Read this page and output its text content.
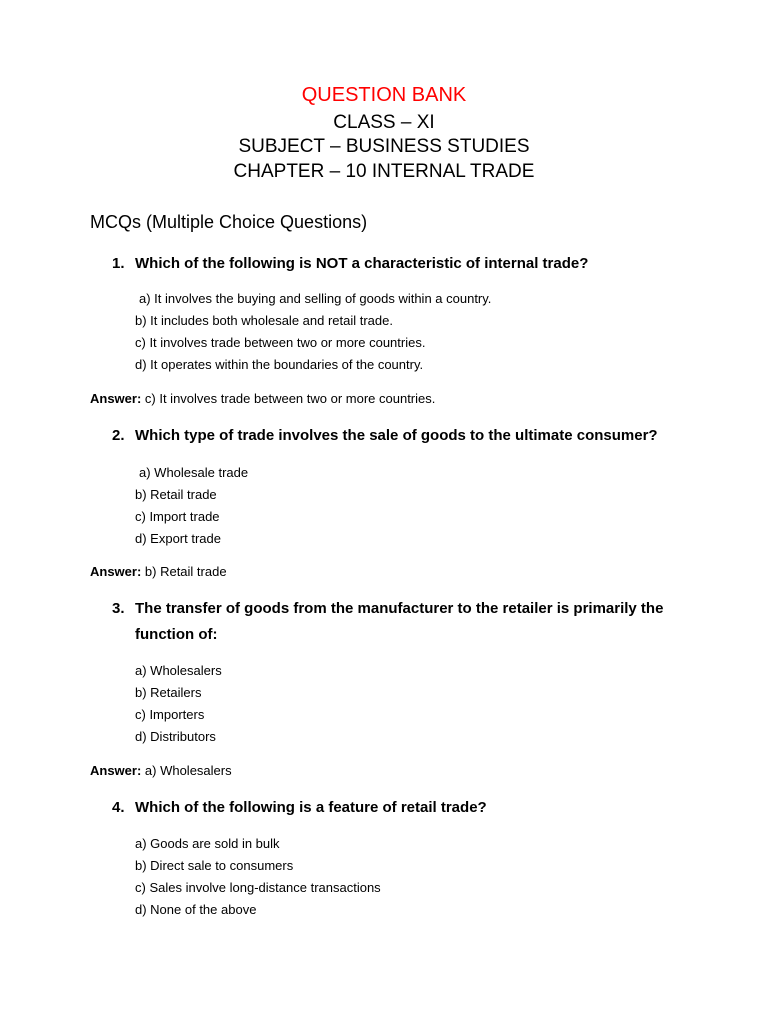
QUESTION BANK
CLASS – XI
SUBJECT – BUSINESS STUDIES
CHAPTER – 10 INTERNAL TRADE
MCQs (Multiple Choice Questions)
1. Which of the following is NOT a characteristic of internal trade?
a) It involves the buying and selling of goods within a country.
b) It includes both wholesale and retail trade.
c) It involves trade between two or more countries.
d) It operates within the boundaries of the country.
Answer: c) It involves trade between two or more countries.
2. Which type of trade involves the sale of goods to the ultimate consumer?
a) Wholesale trade
b) Retail trade
c) Import trade
d) Export trade
Answer: b) Retail trade
3. The transfer of goods from the manufacturer to the retailer is primarily the function of:
a) Wholesalers
b) Retailers
c) Importers
d) Distributors
Answer: a) Wholesalers
4. Which of the following is a feature of retail trade?
a) Goods are sold in bulk
b) Direct sale to consumers
c) Sales involve long-distance transactions
d) None of the above
